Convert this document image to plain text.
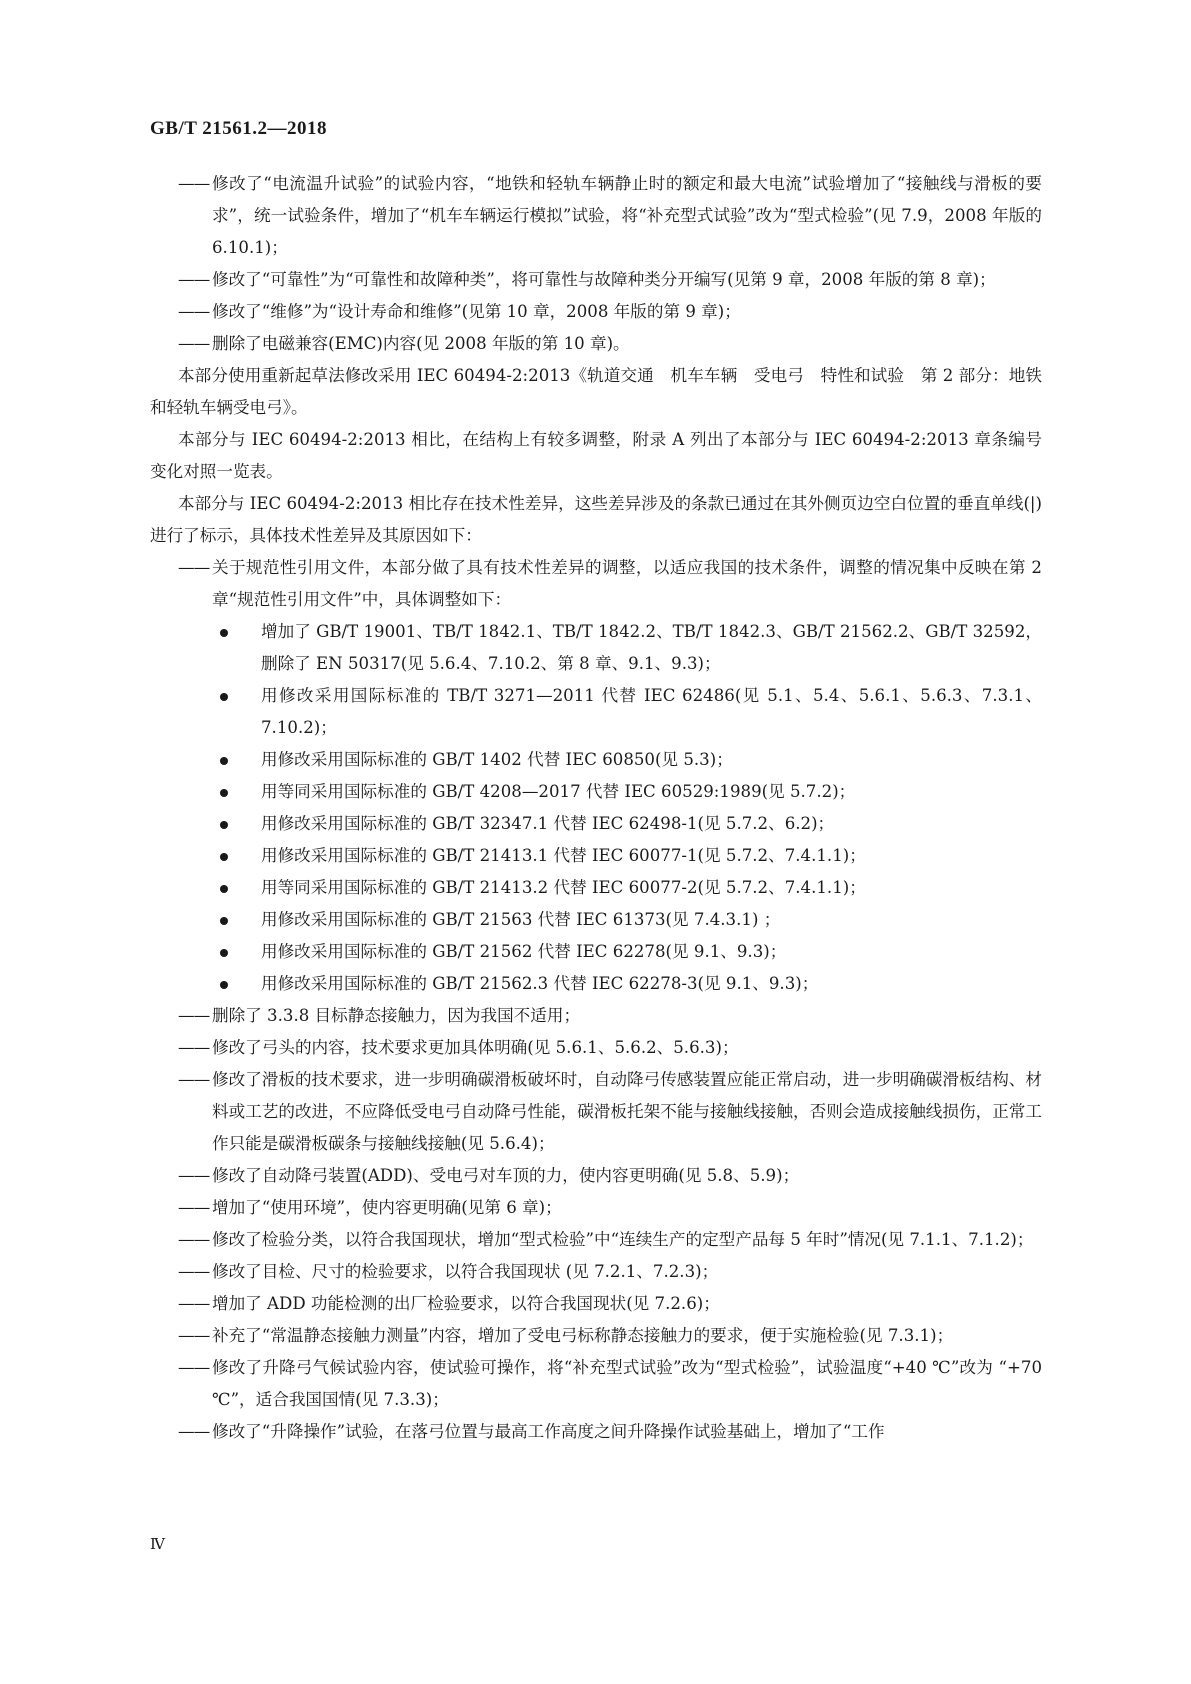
GB/T 21561.2—2018
—— 修改了“电流温升试验”的试验内容，“地铁和轻轨车辆静止时的额定和最大电流”试验增加了“接触线与滑板的要求”，统一试验条件，增加了“机车车辆运行模拟”试验，将“补充型式试验”改为“型式检验”(见 7.9，2008 年版的 6.10.1)；
—— 修改了“可靠性”为“可靠性和故障种类”，将可靠性与故障种类分开编写(见第 9 章，2008 年版的第 8 章)；
—— 修改了“维修”为“设计寿命和维修”(见第 10 章，2008 年版的第 9 章)；
—— 删除了电磁兼容(EMC)内容(见 2008 年版的第 10 章)。
本部分使用重新起草法修改采用 IEC 60494-2:2013《轨道交通　机车车辆　受电弓　特性和试验　第 2 部分：地铁和轻轨车辆受电弓》。
本部分与 IEC 60494-2:2013 相比，在结构上有较多调整，附录 A 列出了本部分与 IEC 60494-2:2013 章条编号变化对照一览表。
本部分与 IEC 60494-2:2013 相比存在技术性差异，这些差异涉及的条款已通过在其外侧页边空白位置的垂直单线(|)进行了标示，具体技术性差异及其原因如下：
—— 关于规范性引用文件，本部分做了具有技术性差异的调整，以适应我国的技术条件，调整的情况集中反映在第 2 章“规范性引用文件”中，具体调整如下：
增加了 GB/T 19001、TB/T 1842.1、TB/T 1842.2、TB/T 1842.3、GB/T 21562.2、GB/T 32592，删除了 EN 50317(见 5.6.4、7.10.2、第 8 章、9.1、9.3)；
用修改采用国际标准的 TB/T 3271—2011 代替 IEC 62486(见 5.1、5.4、5.6.1、5.6.3、7.3.1、7.10.2)；
用修改采用国际标准的 GB/T 1402 代替 IEC 60850(见 5.3)；
用等同采用国际标准的 GB/T 4208—2017 代替 IEC 60529:1989(见 5.7.2)；
用修改采用国际标准的 GB/T 32347.1 代替 IEC 62498-1(见 5.7.2、6.2)；
用修改采用国际标准的 GB/T 21413.1 代替 IEC 60077-1(见 5.7.2、7.4.1.1)；
用等同采用国际标准的 GB/T 21413.2 代替 IEC 60077-2(见 5.7.2、7.4.1.1)；
用修改采用国际标准的 GB/T 21563 代替 IEC 61373(见 7.4.3.1) ；
用修改采用国际标准的 GB/T 21562 代替 IEC 62278(见 9.1、9.3)；
用修改采用国际标准的 GB/T 21562.3 代替 IEC 62278-3(见 9.1、9.3)；
—— 删除了 3.3.8 目标静态接触力，因为我国不适用；
—— 修改了弓头的内容，技术要求更加具体明确(见 5.6.1、5.6.2、5.6.3)；
—— 修改了滑板的技术要求，进一步明确碳滑板破坏时，自动降弓传感装置应能正常启动，进一步明确碳滑板结构、材料或工艺的改进，不应降低受电弓自动降弓性能，碳滑板托架不能与接触线接触，否则会造成接触线损伤，正常工作只能是碳滑板碳条与接触线接触(见 5.6.4)；
—— 修改了自动降弓装置(ADD)、受电弓对车顶的力，使内容更明确(见 5.8、5.9)；
—— 增加了“使用环境”，使内容更明确(见第 6 章)；
—— 修改了检验分类，以符合我国现状，增加“型式检验”中“连续生产的定型产品每 5 年时”情况(见 7.1.1、7.1.2)；
—— 修改了目检、尺寸的检验要求，以符合我国现状 (见 7.2.1、7.2.3)；
—— 增加了 ADD 功能检测的出厂检验要求，以符合我国现状(见 7.2.6)；
—— 补充了“常温静态接触力测量”内容，增加了受电弓标称静态接触力的要求，便于实施检验(见 7.3.1)；
—— 修改了升降弓气候试验内容，使试验可操作，将“补充型式试验”改为“型式检验”，试验温度“+40 ℃”改为 “+70 ℃”，适合我国国情(见 7.3.3)；
—— 修改了“升降操作”试验，在落弓位置与最高工作高度之间升降操作试验基础上，增加了“工作
Ⅳ
